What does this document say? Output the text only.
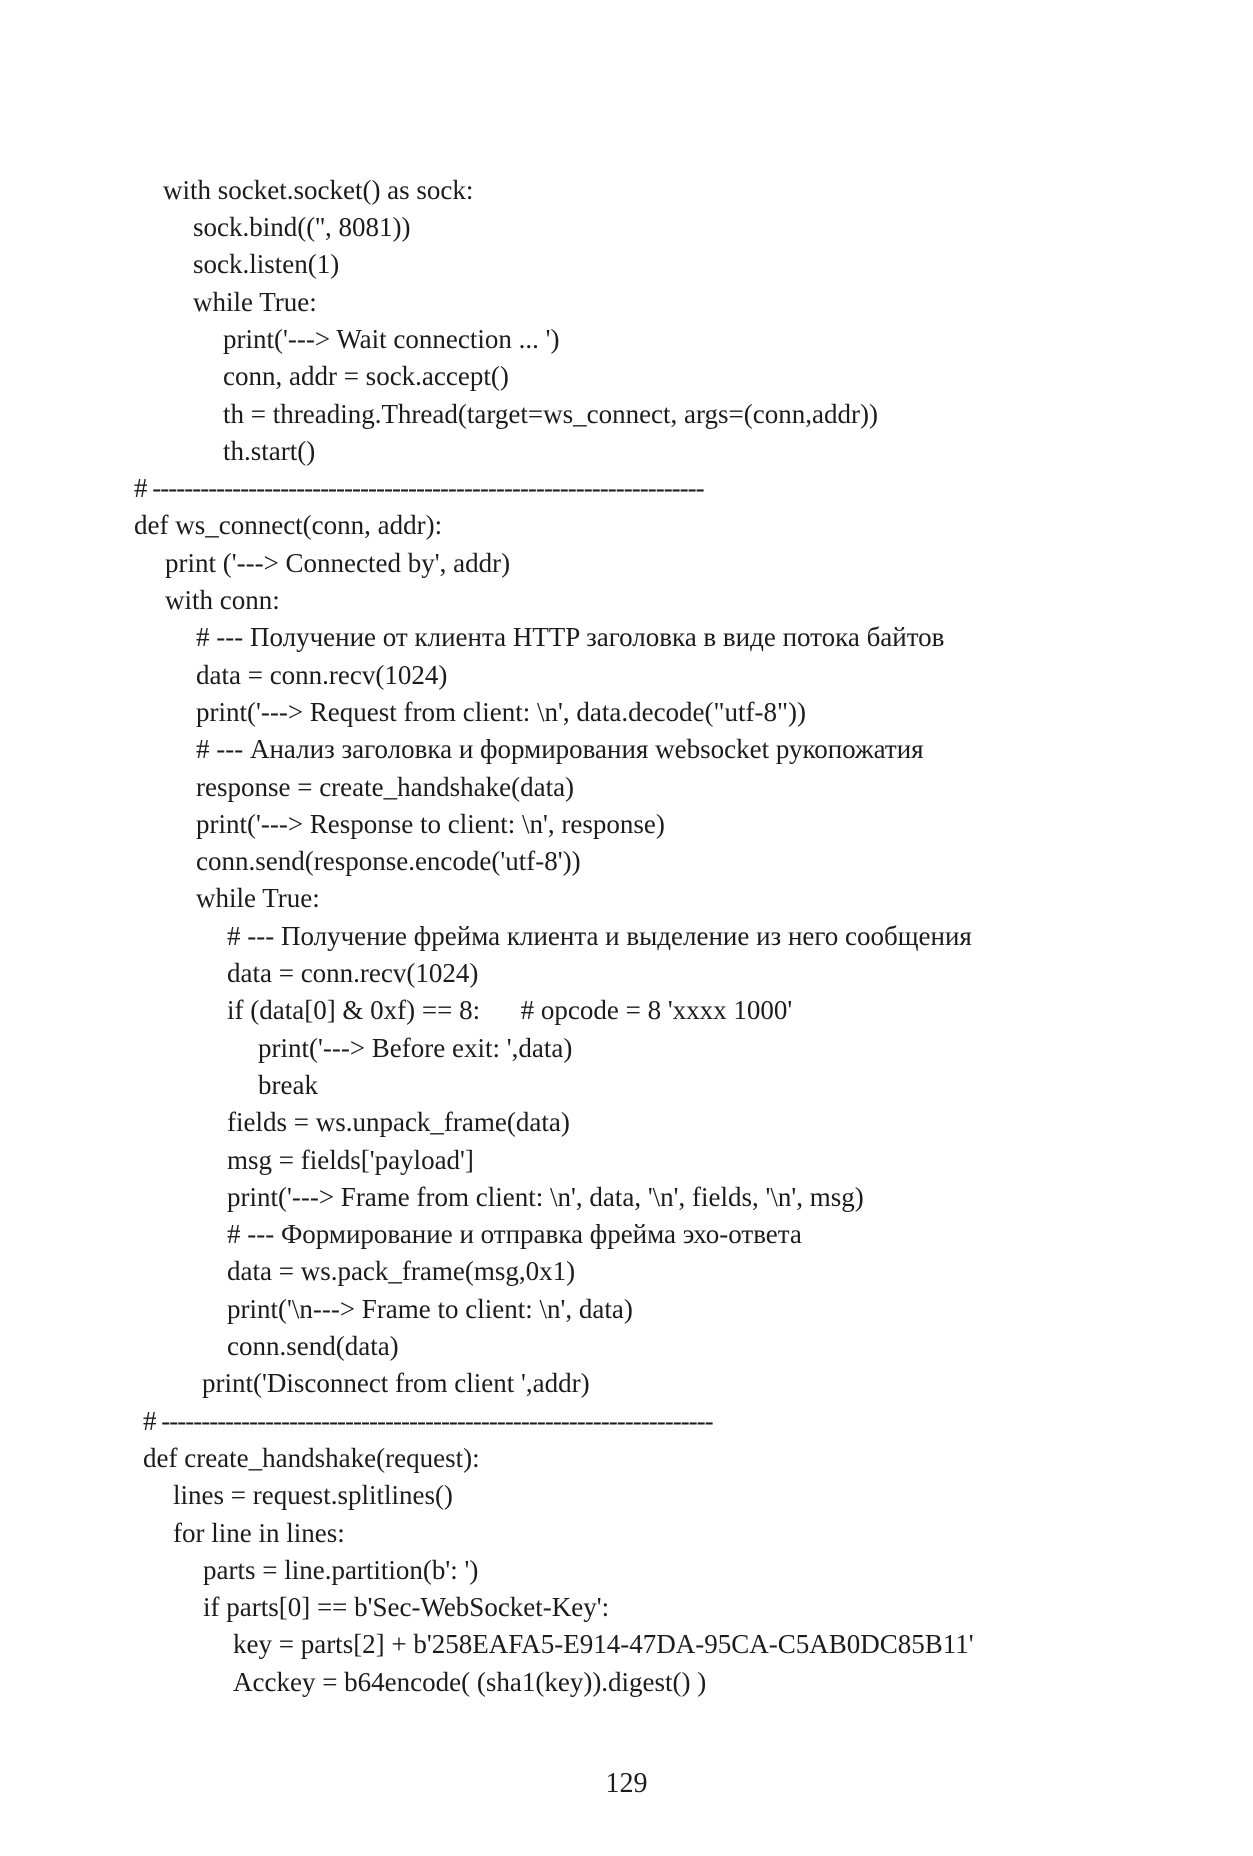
with socket.socket() as sock:
sock.bind(('', 8081))
sock.listen(1)
while True:
print('---> Wait connection ... ')
conn, addr = sock.accept()
th = threading.Thread(target=ws_connect, args=(conn,addr))
th.start()
# ---------------------------------------------------------------------
def ws_connect(conn, addr):
print ('---> Connected by', addr)
with conn:
# --- Получение от клиента HTTP заголовка в виде потока байтов
data = conn.recv(1024)
print('---> Request from client: \n', data.decode("utf-8"))
# --- Анализ заголовка и формирования websocket рукопожатия
response = create_handshake(data)
print('---> Response to client: \n', response)
conn.send(response.encode('utf-8'))
while True:
# --- Получение фрейма клиента и выделение из него сообщения
data = conn.recv(1024)
if (data[0] & 0xf) == 8:      # opcode = 8 'xxxx 1000'
print('---> Before exit: ',data)
break
fields = ws.unpack_frame(data)
msg = fields['payload']
print('---> Frame from client: \n', data, '\n', fields, '\n', msg)
# --- Формирование и отправка фрейма эхо-ответа
data = ws.pack_frame(msg,0x1)
print('\n---> Frame to client: \n', data)
conn.send(data)
print('Disconnect from client ',addr)
# ---------------------------------------------------------------------
def create_handshake(request):
lines = request.splitlines()
for line in lines:
parts = line.partition(b': ')
if parts[0] == b'Sec-WebSocket-Key':
key = parts[2] + b'258EAFA5-E914-47DA-95CA-C5AB0DC85B11'
Acckey = b64encode( (sha1(key)).digest() )
129
